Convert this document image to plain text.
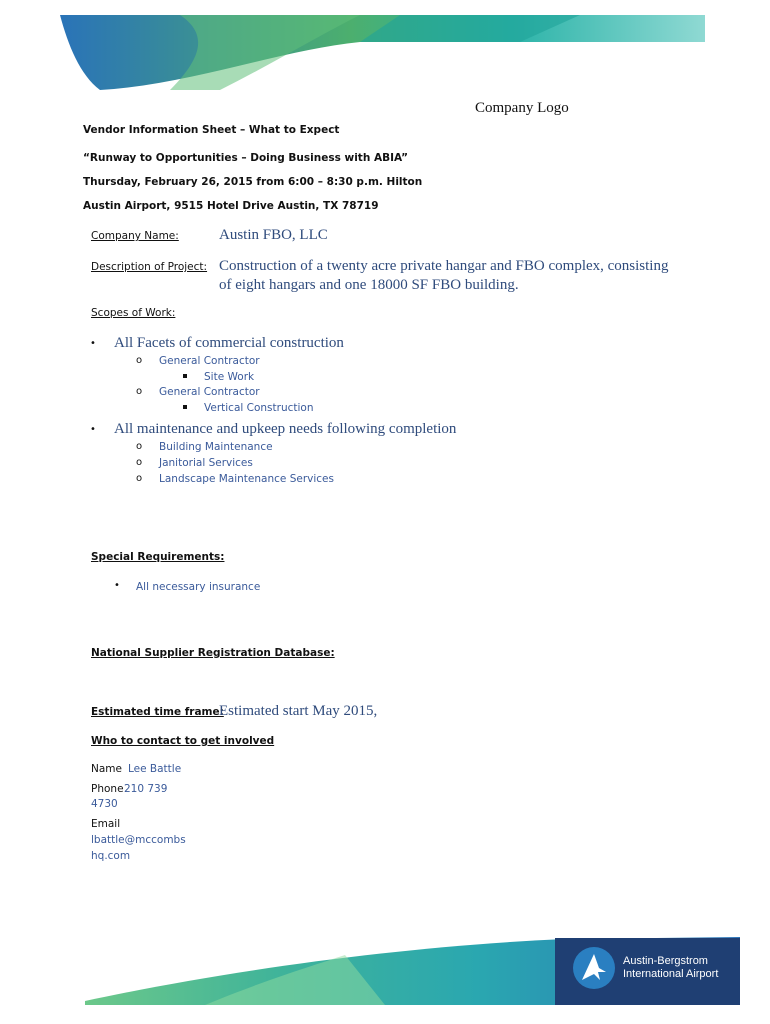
Company Logo
Vendor Information Sheet – What to Expect
“Runway to Opportunities – Doing Business with ABIA”
Thursday, February 26, 2015 from 6:00 – 8:30 p.m. Hilton
Austin Airport, 9515 Hotel Drive Austin, TX 78719
Company Name:	Austin FBO, LLC
Description of Project: Construction of a twenty acre private hangar and FBO complex, consisting
of eight hangars and one 18000 SF FBO building.
Scopes of Work:
• All Facets of commercial construction
o General Contractor
Site Work
o General Contractor
Vertical Construction
• All maintenance and upkeep needs following completion
o Building Maintenance
o Janitorial Services
o Landscape Maintenance Services
Special Requirements:
• All necessary insurance
National Supplier Registration Database:
Estimated time frame:
Estimated start May 2015,
Who to contact to get involved
Name Lee Battle
Phone 210 739
4730
Email
lbattle@mccombs
hq.com
Austin-Bergstrom
International Airport
